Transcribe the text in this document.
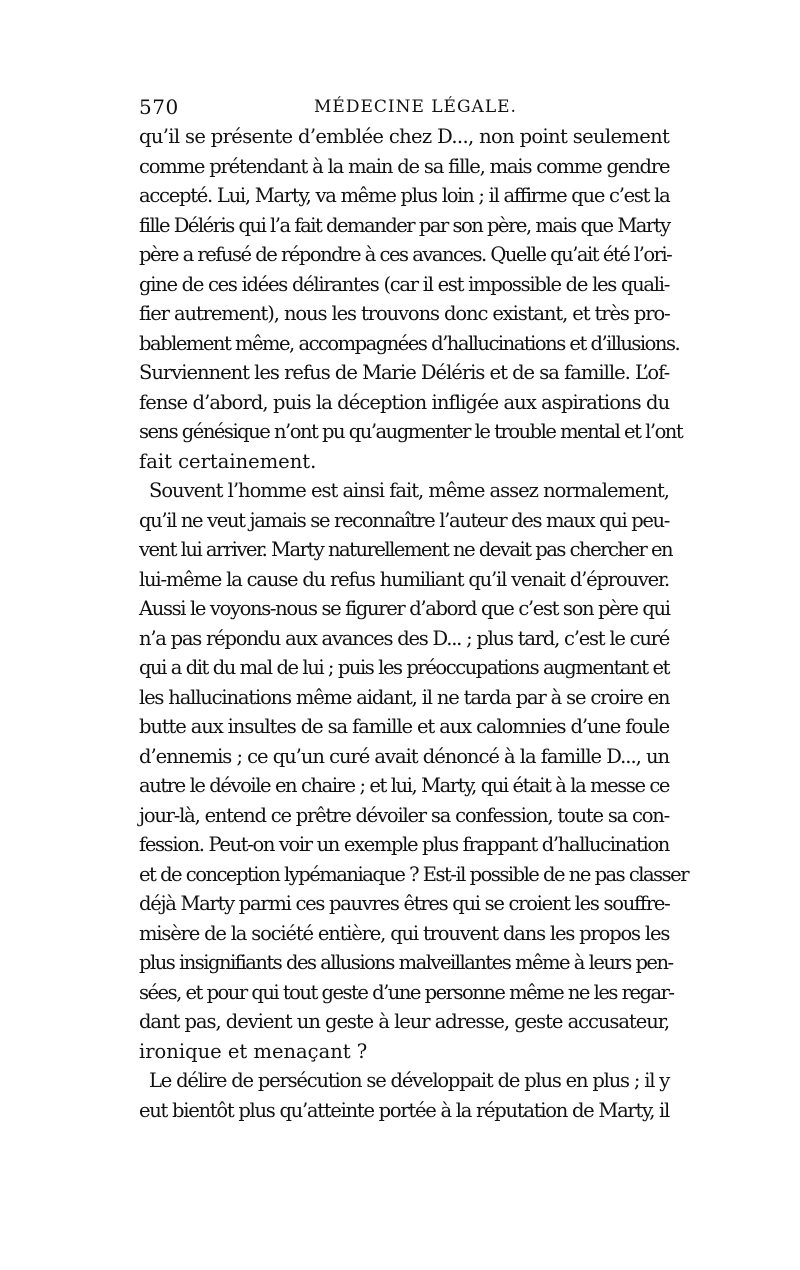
570	MÉDECINE LÉGALE.
qu’il se présente d’emblée chez D..., non point seulement
comme prétendant à la main de sa fille, mais comme gendre
accepté. Lui, Marty, va même plus loin ; il affirme que c’est la
fille Déléris qui l’a fait demander par son père, mais que Marty
père a refusé de répondre à ces avances. Quelle qu’ait été l’ori-
gine de ces idées délirantes (car il est impossible de les quali-
fier autrement), nous les trouvons donc existant, et très pro-
bablement même, accompagnées d’hallucinations et d’illusions.
Surviennent les refus de Marie Déléris et de sa famille. L’of-
fense d’abord, puis la déception infligée aux aspirations du
sens génésique n’ont pu qu’augmenter le trouble mental et l’ont
fait certainement.
Souvent l’homme est ainsi fait, même assez normalement,
qu’il ne veut jamais se reconnaître l’auteur des maux qui peu-
vent lui arriver. Marty naturellement ne devait pas chercher en
lui-même la cause du refus humiliant qu’il venait d’éprouver.
Aussi le voyons-nous se figurer d’abord que c’est son père qui
n’a pas répondu aux avances des D... ; plus tard, c’est le curé
qui a dit du mal de lui ; puis les préoccupations augmentant et
les hallucinations même aidant, il ne tarda par à se croire en
butte aux insultes de sa famille et aux calomnies d’une foule
d’ennemis ; ce qu’un curé avait dénoncé à la famille D..., un
autre le dévoile en chaire ; et lui, Marty, qui était à la messe ce
jour-là, entend ce prêtre dévoiler sa confession, toute sa con-
fession. Peut-on voir un exemple plus frappant d’hallucination
et de conception lypémaniaque ? Est-il possible de ne pas classer
déjà Marty parmi ces pauvres êtres qui se croient les souffre-
misère de la société entière, qui trouvent dans les propos les
plus insignifiants des allusions malveillantes même à leurs pen-
sées, et pour qui tout geste d’une personne même ne les regar-
dant pas, devient un geste à leur adresse, geste accusateur,
ironique et menaçant ?
Le délire de persécution se développait de plus en plus ; il y
eut bientôt plus qu’atteinte portée à la réputation de Marty, il
